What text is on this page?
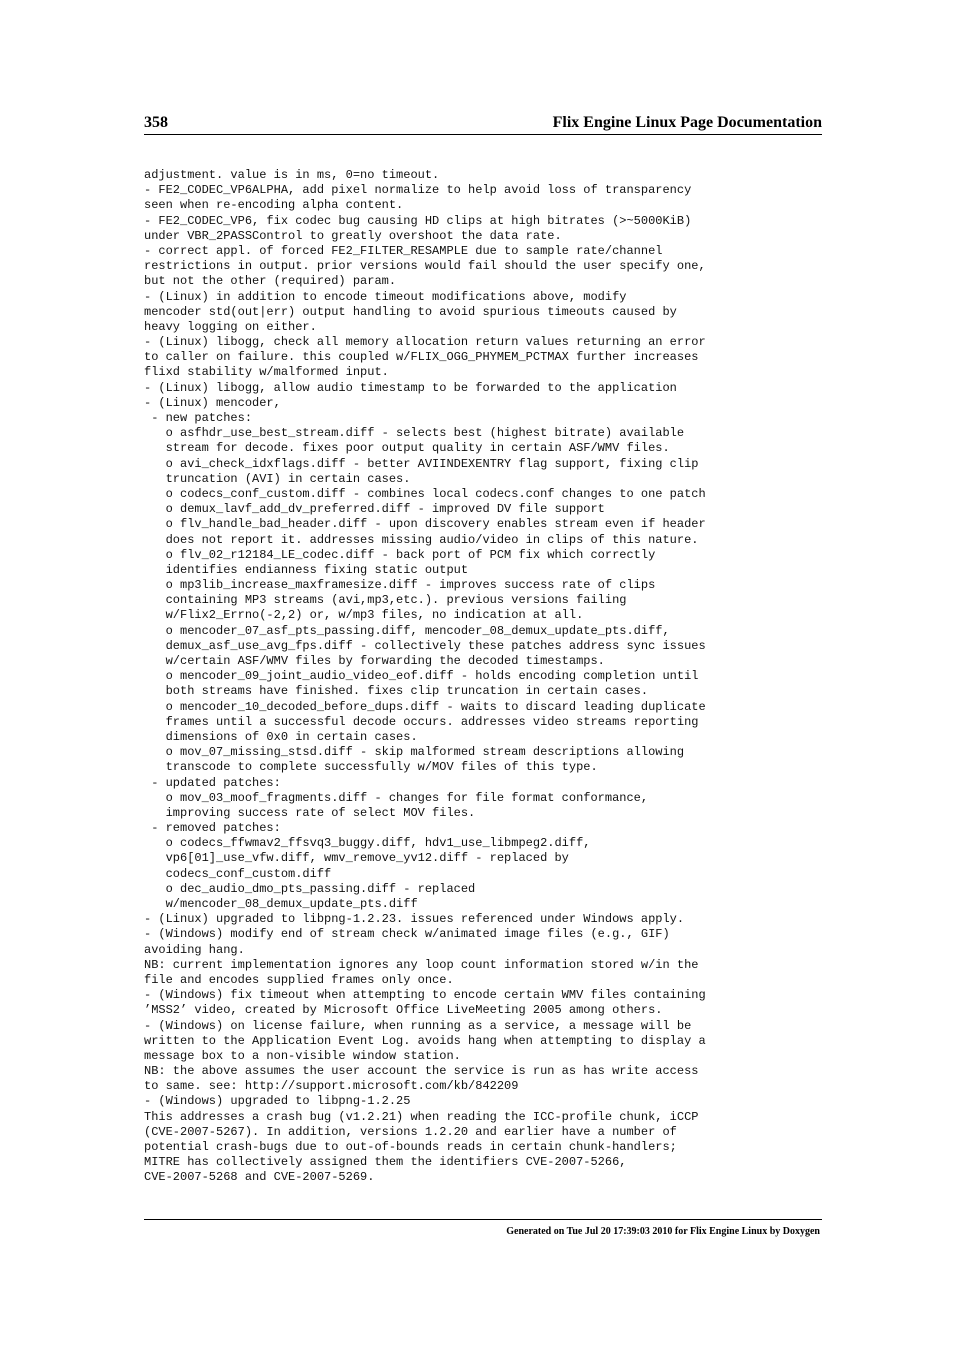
358	Flix Engine Linux Page Documentation
adjustment. value is in ms, 0=no timeout.
- FE2_CODEC_VP6ALPHA, add pixel normalize to help avoid loss of transparency
seen when re-encoding alpha content.
- FE2_CODEC_VP6, fix codec bug causing HD clips at high bitrates (>~5000KiB)
under VBR_2PASSControl to greatly overshoot the data rate.
- correct appl. of forced FE2_FILTER_RESAMPLE due to sample rate/channel
restrictions in output. prior versions would fail should the user specify one,
but not the other (required) param.
- (Linux) in addition to encode timeout modifications above, modify
mencoder std(out|err) output handling to avoid spurious timeouts caused by
heavy logging on either.
- (Linux) libogg, check all memory allocation return values returning an error
to caller on failure. this coupled w/FLIX_OGG_PHYMEM_PCTMAX further increases
flixd stability w/malformed input.
- (Linux) libogg, allow audio timestamp to be forwarded to the application
- (Linux) mencoder,
- new patches:
o asfhdr_use_best_stream.diff - selects best (highest bitrate) available
stream for decode. fixes poor output quality in certain ASF/WMV files.
o avi_check_idxflags.diff - better AVIINDEXENTRY flag support, fixing clip
truncation (AVI) in certain cases.
o codecs_conf_custom.diff - combines local codecs.conf changes to one patch
o demux_lavf_add_dv_preferred.diff - improved DV file support
o flv_handle_bad_header.diff - upon discovery enables stream even if header
does not report it. addresses missing audio/video in clips of this nature.
o flv_02_r12184_LE_codec.diff - back port of PCM fix which correctly
identifies endianness fixing static output
o mp3lib_increase_maxframesize.diff - improves success rate of clips
containing MP3 streams (avi,mp3,etc.). previous versions failing
w/Flix2_Errno(-2,2) or, w/mp3 files, no indication at all.
o mencoder_07_asf_pts_passing.diff, mencoder_08_demux_update_pts.diff,
demux_asf_use_avg_fps.diff - collectively these patches address sync issues
w/certain ASF/WMV files by forwarding the decoded timestamps.
o mencoder_09_joint_audio_video_eof.diff - holds encoding completion until
both streams have finished. fixes clip truncation in certain cases.
o mencoder_10_decoded_before_dups.diff - waits to discard leading duplicate
frames until a successful decode occurs. addresses video streams reporting
dimensions of 0x0 in certain cases.
o mov_07_missing_stsd.diff - skip malformed stream descriptions allowing
transcode to complete successfully w/MOV files of this type.
- updated patches:
o mov_03_moof_fragments.diff - changes for file format conformance,
improving success rate of select MOV files.
- removed patches:
o codecs_ffwmav2_ffsvq3_buggy.diff, hdv1_use_libmpeg2.diff,
vp6[01]_use_vfw.diff, wmv_remove_yv12.diff - replaced by
codecs_conf_custom.diff
o dec_audio_dmo_pts_passing.diff - replaced
w/mencoder_08_demux_update_pts.diff
- (Linux) upgraded to libpng-1.2.23. issues referenced under Windows apply.
- (Windows) modify end of stream check w/animated image files (e.g., GIF)
avoiding hang.
NB: current implementation ignores any loop count information stored w/in the
file and encodes supplied frames only once.
- (Windows) fix timeout when attempting to encode certain WMV files containing
’MSS2’ video, created by Microsoft Office LiveMeeting 2005 among others.
- (Windows) on license failure, when running as a service, a message will be
written to the Application Event Log. avoids hang when attempting to display a
message box to a non-visible window station.
NB: the above assumes the user account the service is run as has write access
to same. see: http://support.microsoft.com/kb/842209
- (Windows) upgraded to libpng-1.2.25
This addresses a crash bug (v1.2.21) when reading the ICC-profile chunk, iCCP
(CVE-2007-5267). In addition, versions 1.2.20 and earlier have a number of
potential crash-bugs due to out-of-bounds reads in certain chunk-handlers;
MITRE has collectively assigned them the identifiers CVE-2007-5266,
CVE-2007-5268 and CVE-2007-5269.
Generated on Tue Jul 20 17:39:03 2010 for Flix Engine Linux by Doxygen
